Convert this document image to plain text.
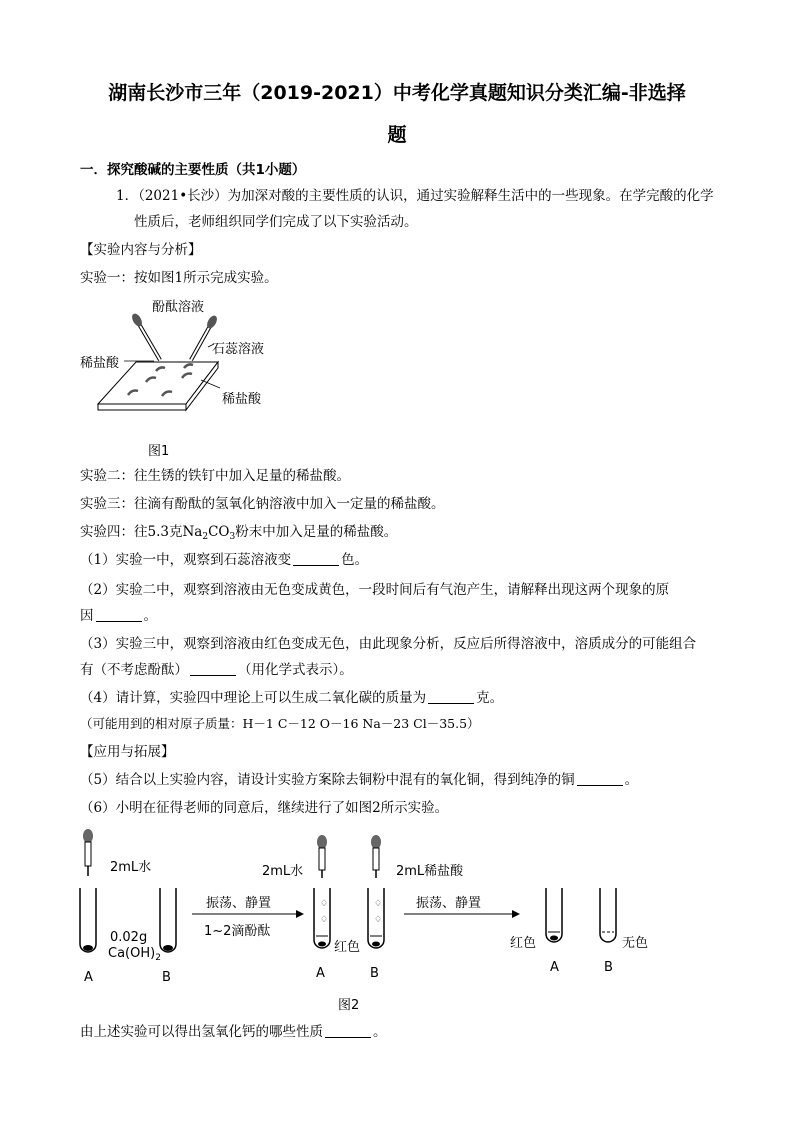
湖南长沙市三年（2019-2021）中考化学真题知识分类汇编-非选择
题
一．探究酸碱的主要性质（共1小题）
1．（2021•长沙）为加深对酸的主要性质的认识，通过实验解释生活中的一些现象。在学完酸的化学
性质后，老师组织同学们完成了以下实验活动。
【实验内容与分析】
实验一：按如图1所示完成实验。
酚酞溶液
石蕊溶液
稀盐酸
稀盐酸
图1
实验二：往生锈的铁钉中加入足量的稀盐酸。
实验三：往滴有酚酞的氢氧化钠溶液中加入一定量的稀盐酸。
实验四：往5.3克$Na_2CO_3$粉末中加入足量的稀盐酸。
（1）实验一中，观察到石蕊溶液变	色。
（2）实验二中，观察到溶液由无色变成黄色，一段时间后有气泡产生，请解释出现这两个现象的原
因	。
（3）实验三中，观察到溶液由红色变成无色，由此现象分析，反应后所得溶液中，溶质成分的可能组合
有（不考虑酚酞）	（用化学式表示）。
（4）请计算，实验四中理论上可以生成二氧化碳的质量为	克。
（可能用到的相对原子质量：H－1 C－12 O－16 Na－23 Cl－35.5）
【应用与拓展】
（5）结合以上实验内容，请设计实验方案除去铜粉中混有的氧化铜，得到纯净的铜	。
（6）小明在征得老师的同意后，继续进行了如图2所示实验。
♢
♢
♢
♢
2mL水
0.02g
$Ca(OH)_2$
A	B
振荡、静置
1~2滴酚酞
2mL水	2mL稀盐酸
红色
A	B
振荡、静置
红色	无色
A	B
图2
由上述实验可以得出氢氧化钙的哪些性质	。
